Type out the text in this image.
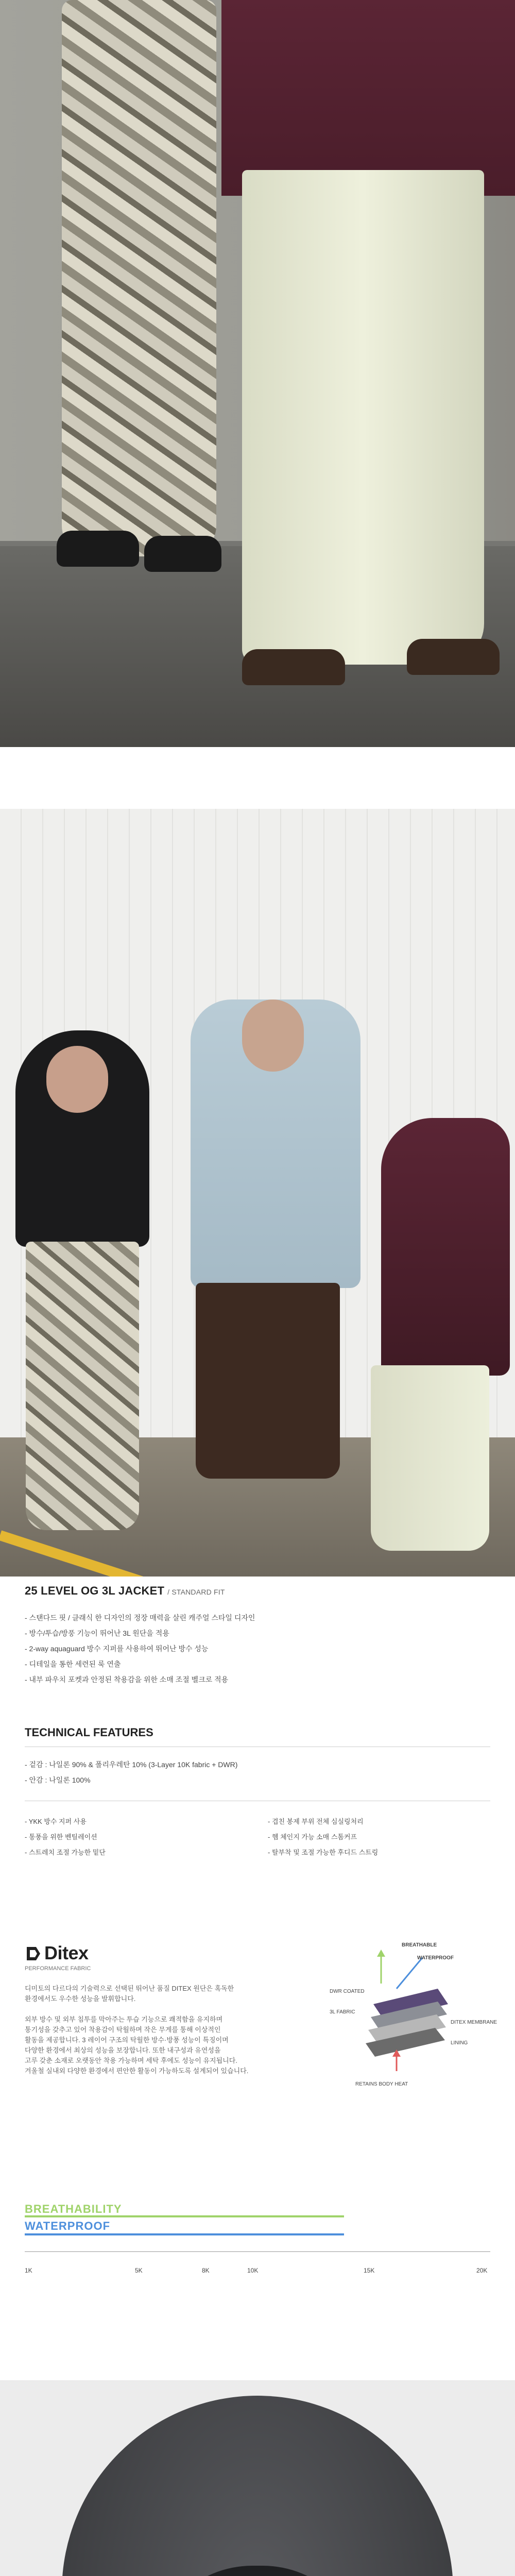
25 LEVEL OG 3L JACKET / STANDARD FIT
- 스탠다드 핏 / 클래식 한 디자인의 정장 매력을 살린 캐주얼 스타일 디자인
- 방수/투습/방풍 기능이 뛰어난 3L 원단을 적용
- 2-way aquaguard 방수 지퍼를 사용하여 뛰어난 방수 성능
- 디테일을 통한 세련된 룩 연출
- 내부 파우치 포켓과 안정된 착용감을 위한 소매 조절 벨크로 적용
TECHNICAL FEATURES
- 겉감 : 나일론 90% & 폴리우레탄 10% (3-Layer 10K fabric + DWR)
- 안감 : 나일론 100%
- YKK 방수 지퍼 사용
- 통풍을 위한 벤틸레이션
- 스트레치 조절 가능한 밑단
- 겹친 봉제 부위 전체 심실링처리
- 헴 체인지 가능 소매 스톰커프
- 탈부착 및 조절 가능한 후디드 스트링
Ditex
PERFORMANCE FABRIC
디미토의 다르다의 기술력으로 선택된 뛰어난 품질 DITEX 원단은 혹독한
환경에서도 우수한 성능을 발휘합니다.
외부 방수 및 외부 침투를 막아주는 투습 기능으로 쾌적함을 유지하며
통기성을 갖추고 있어 착용감이 탁월하며 작은 무게를 통해 이상적인
활동을 제공합니다. 3 레이어 구조의 탁월한 방수·방풍 성능이 특징이며
다양한 환경에서 최상의 성능을 보장합니다. 또한 내구성과 유연성을
고루 갖춘 소재로 오랫동안 착용 가능하며 세탁 후에도 성능이 유지됩니다.
겨울철 실내외 다양한 환경에서 편안한 활동이 가능하도록 설계되어 있습니다.
BREATHABLE
WATERPROOF
DWR COATED
3L FABRIC
DITEX MEMBRANE
LINING
RETAINS BODY HEAT
BREATHABILITY
WATERPROOF
1K	5K	8K	10K	15K	20K
